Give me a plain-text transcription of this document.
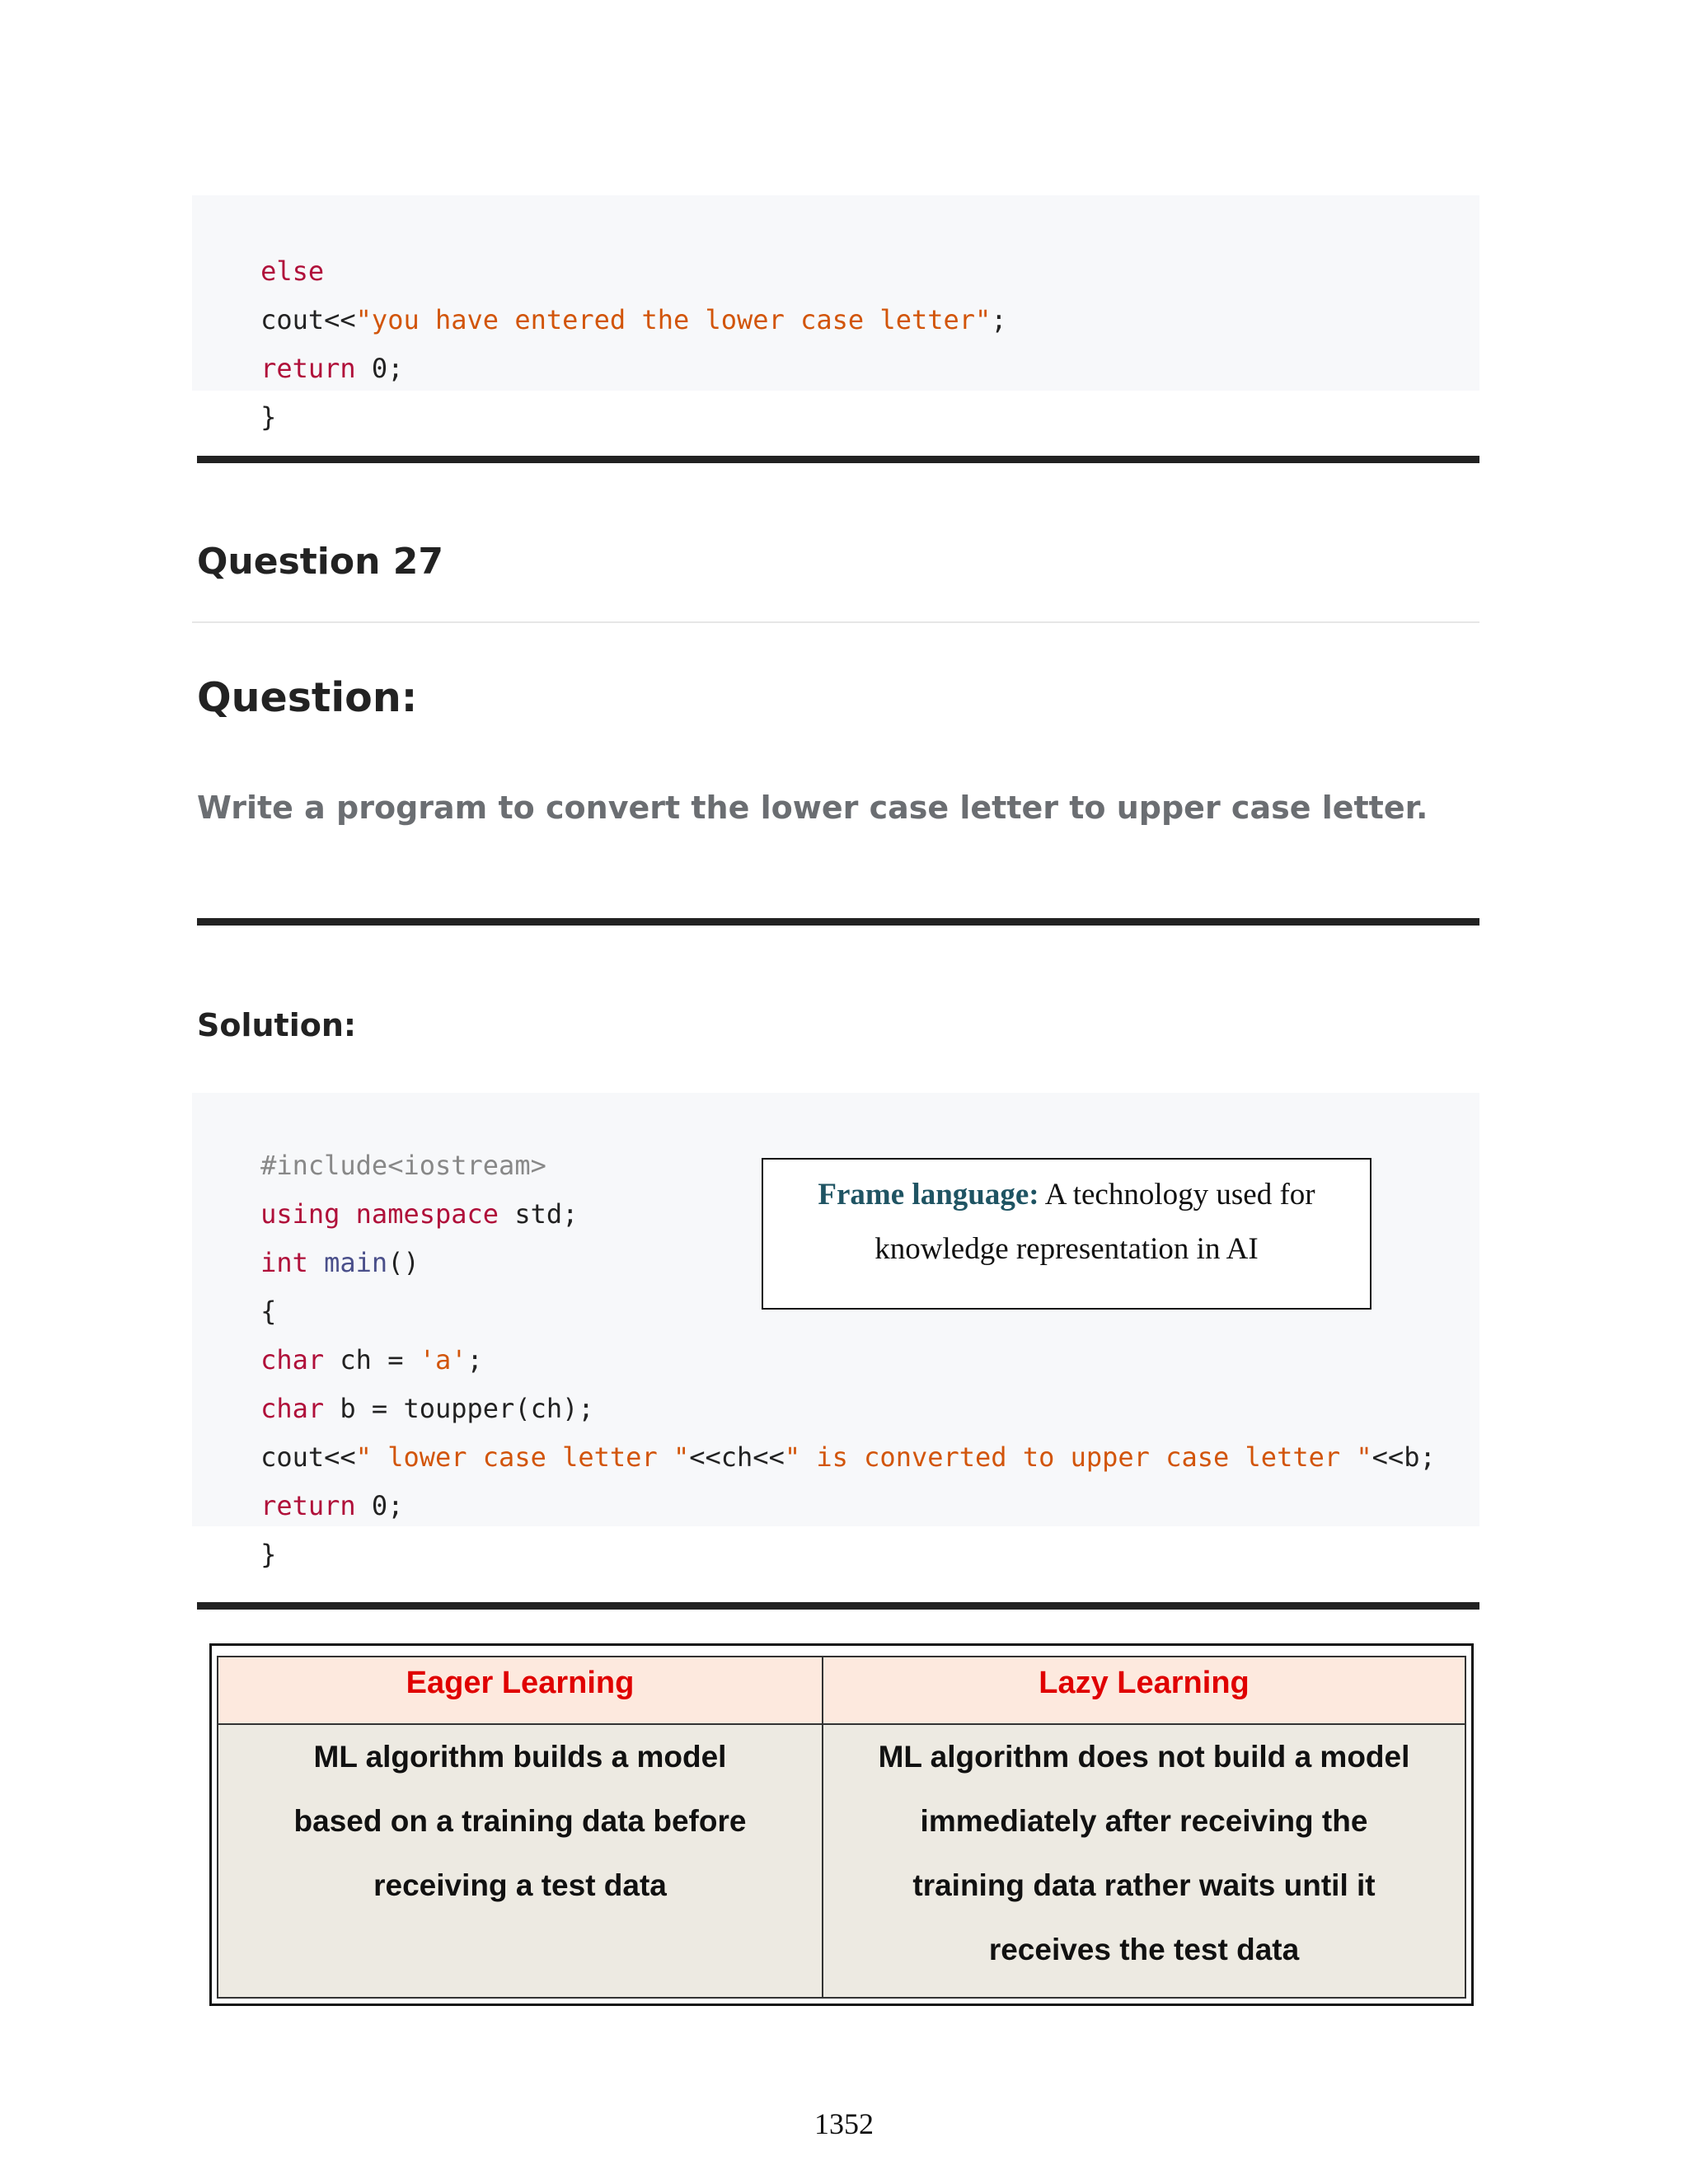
else

cout<<"you have entered the lower case letter";

return 0;

}

Question 27
Question:
Write a program to convert the lower case letter to upper case letter.
Solution:

#include<iostream>

using namespace std;

int main()

{

char ch = 'a';

char b = toupper(ch);

cout<<" lower case letter "<<ch<<" is converted to upper case letter "<<b;

return 0;

}

Frame language: A technology used for
knowledge representation in AI
Eager Learning	Lazy Learning
ML algorithm builds a model
based on a training data before
receiving a test data
ML algorithm does not build a model
immediately after receiving the
training data rather waits until it
receives the test data
1352
